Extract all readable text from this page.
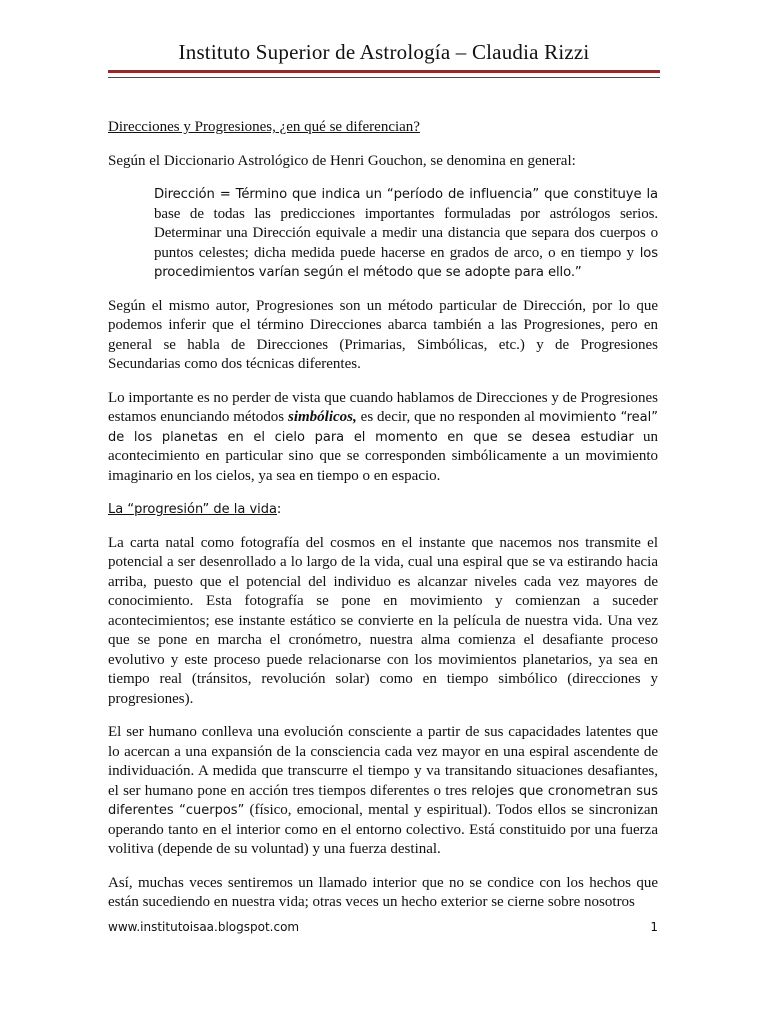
Instituto Superior de Astrología – Claudia Rizzi

Direcciones y Progresiones, ¿en qué se diferencian?

Según el Diccionario Astrológico de Henri Gouchon, se denomina en general:

Dirección = Término que indica un “período de influencia” que constituye la base de todas las predicciones importantes formuladas por astrólogos serios. Determinar una Dirección equivale a medir una distancia que separa dos cuerpos o puntos celestes; dicha medida puede hacerse en grados de arco, o en tiempo y los procedimientos varían según el método que se adopte para ello.”

Según el mismo autor, Progresiones son un método particular de Dirección, por lo que podemos inferir que el término Direcciones abarca también a las Progresiones, pero en general se habla de Direcciones (Primarias, Simbólicas, etc.) y de Progresiones Secundarias como dos técnicas diferentes.

Lo importante es no perder de vista que cuando hablamos de Direcciones y de Progresiones estamos enunciando métodos simbólicos, es decir, que no responden al movimiento “real” de los planetas en el cielo para el momento en que se desea estudiar un acontecimiento en particular sino que se corresponden simbólicamente a un movimiento imaginario en los cielos, ya sea en tiempo o en espacio.

La “progresión” de la vida:

La carta natal como fotografía del cosmos en el instante que nacemos nos transmite el potencial a ser desenrollado a lo largo de la vida, cual una espiral que se va estirando hacia arriba, puesto que el potencial del individuo es alcanzar niveles cada vez mayores de conocimiento. Esta fotografía se pone en movimiento y comienzan a suceder acontecimientos; ese instante estático se convierte en la película de nuestra vida. Una vez que se pone en marcha el cronómetro, nuestra alma comienza el desafiante proceso evolutivo y este proceso puede relacionarse con los movimientos planetarios, ya sea en tiempo real (tránsitos, revolución solar) como en tiempo simbólico (direcciones y progresiones).

El ser humano conlleva una evolución consciente a partir de sus capacidades latentes que lo acercan a una expansión de la consciencia cada vez mayor en una espiral ascendente de individuación. A medida que transcurre el tiempo y va transitando situaciones desafiantes, el ser humano pone en acción tres tiempos diferentes o tres relojes que cronometran sus diferentes “cuerpos” (físico, emocional, mental y espiritual). Todos ellos se sincronizan operando tanto en el interior como en el entorno colectivo. Está constituido por una fuerza volitiva (depende de su voluntad) y una fuerza destinal.

Así, muchas veces sentiremos un llamado interior que no se condice con los hechos que están sucediendo en nuestra vida; otras veces un hecho exterior se cierne sobre nosotros

www.institutoisaa.blogspot.com	1
